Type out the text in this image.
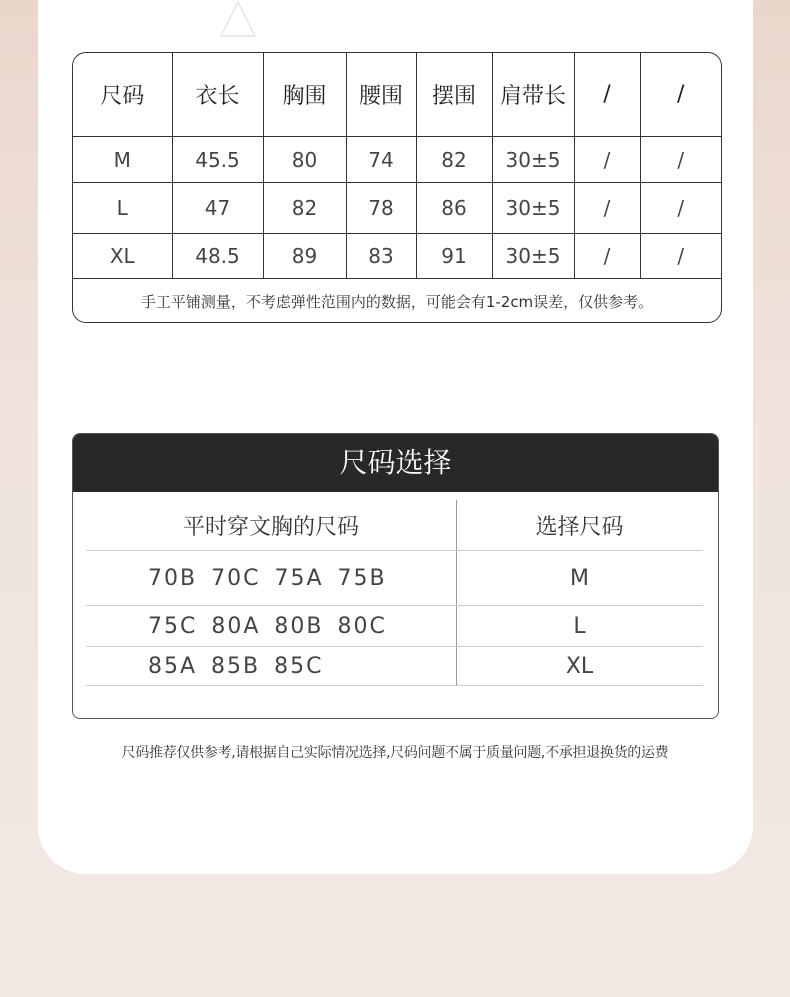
尺码	衣长	胸围	腰围	摆围	肩带长	/	/
M	45.5	80	74	82	30±5	/	/
L	47	82	78	86	30±5	/	/
XL	48.5	89	83	91	30±5	/	/
手工平铺测量，不考虑弹性范围内的数据，可能会有1-2cm误差，仅供参考。							
尺码选择
平时穿文胸的尺码	选择尺码
70B 70C 75A 75B	M
75C 80A 80B 80C	L
85A 85B 85C	XL
尺码推荐仅供参考,请根据自己实际情况选择,尺码问题不属于质量问题,不承担退换货的运费
